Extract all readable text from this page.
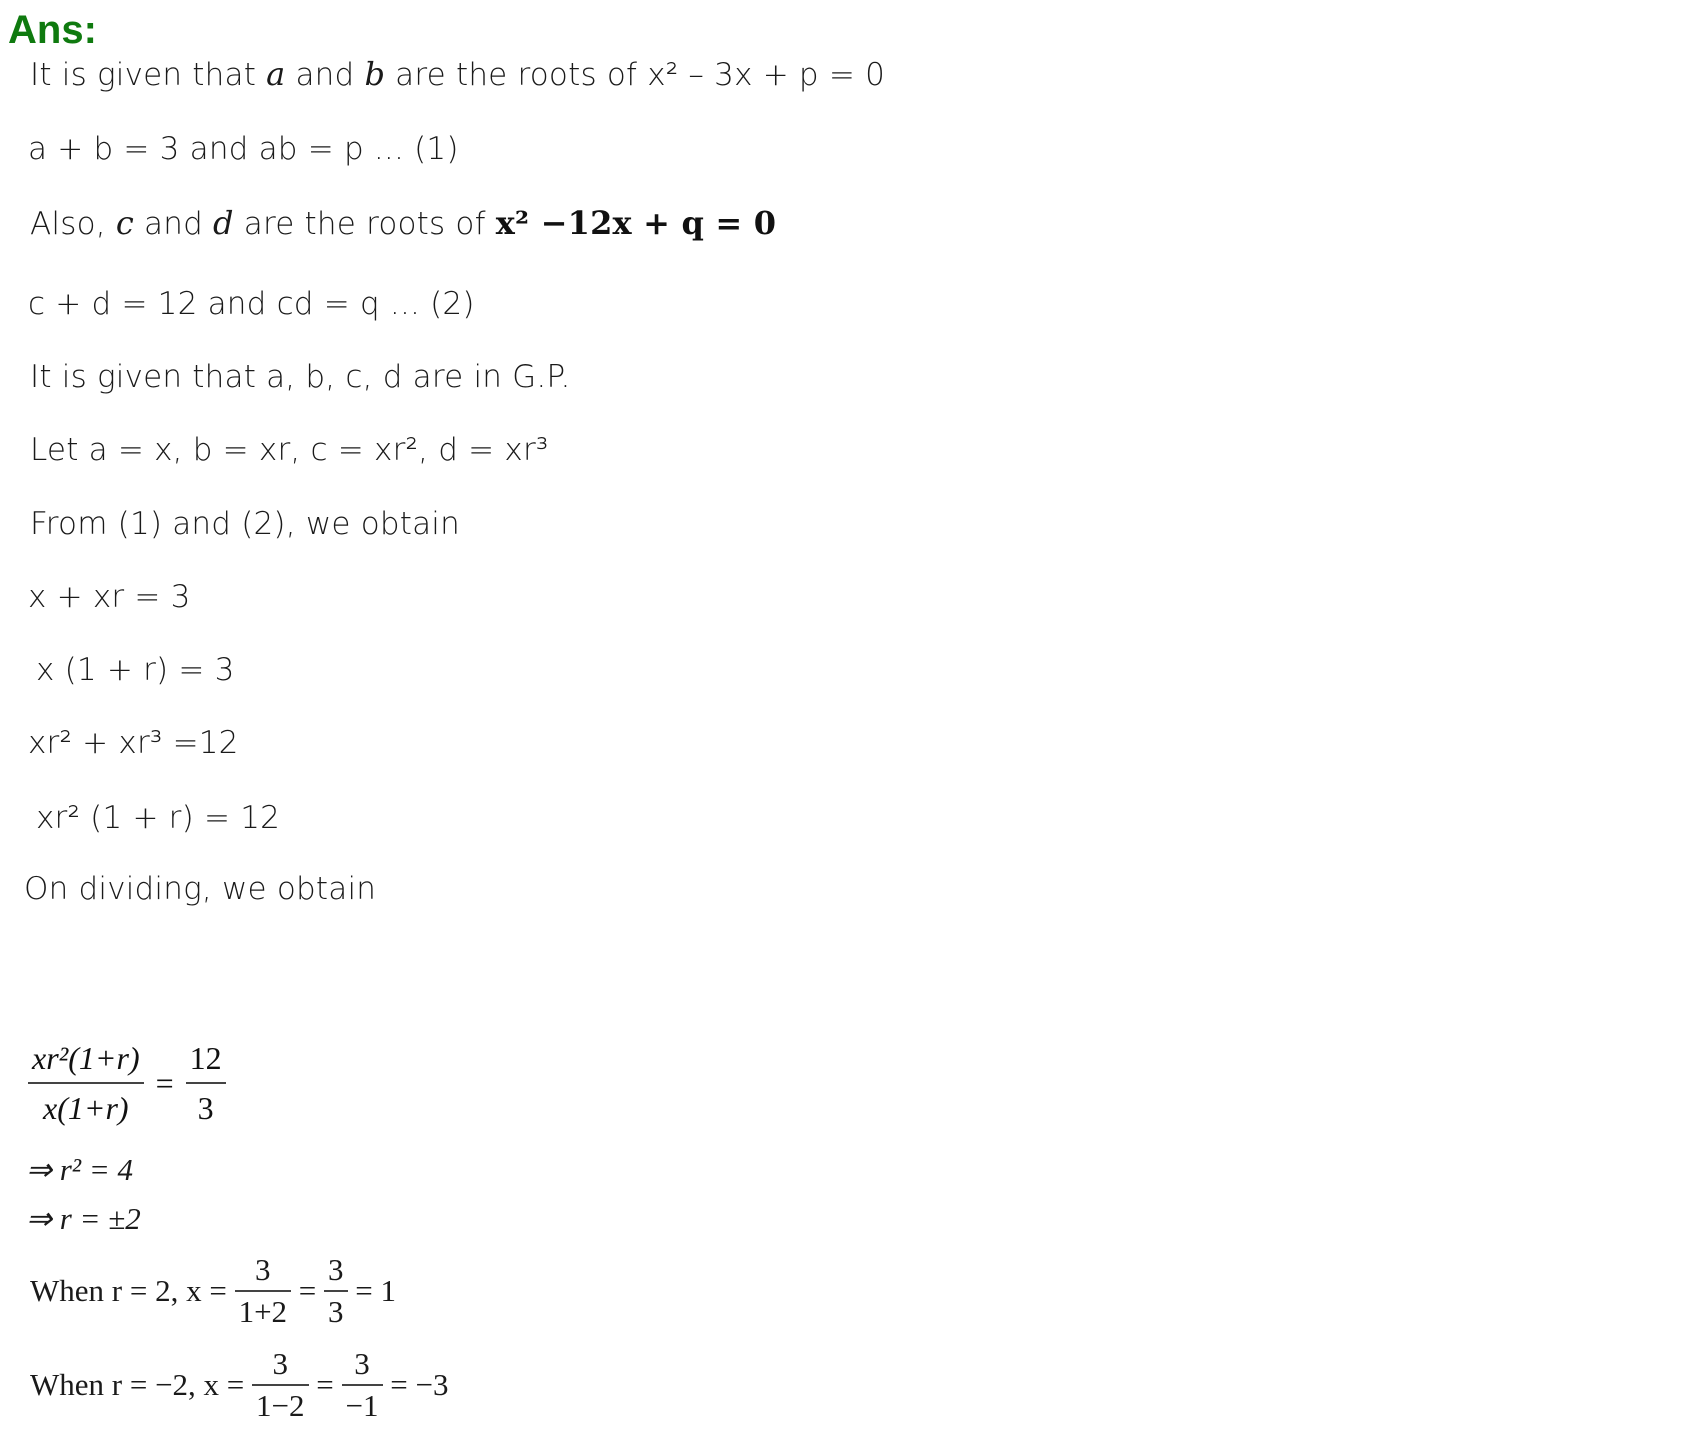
Ans:
It is given that a and b are the roots of x² – 3x + p = 0
a + b = 3 and ab = p ... (1)
Also, c and d are the roots of x² −12x + q = 0
c + d = 12 and cd = q ... (2)
It is given that a, b, c, d are in G.P.
Let a = x, b = xr, c = xr², d = xr³
From (1) and (2), we obtain
x + xr = 3
x (1 + r) = 3
xr² + xr³ =12
xr² (1 + r) = 12
On dividing, we obtain
$\frac{\text{xr²(1+r)}}{x(1+r)} = \frac{12}{3}$
⇒ r² = 4
⇒ r = ±2
When r = 2, $x = \frac{3}{1+2} = \frac{3}{3} = 1$
When r = −2, $x = \frac{3}{1-2} = \frac{3}{-1} = -3$
